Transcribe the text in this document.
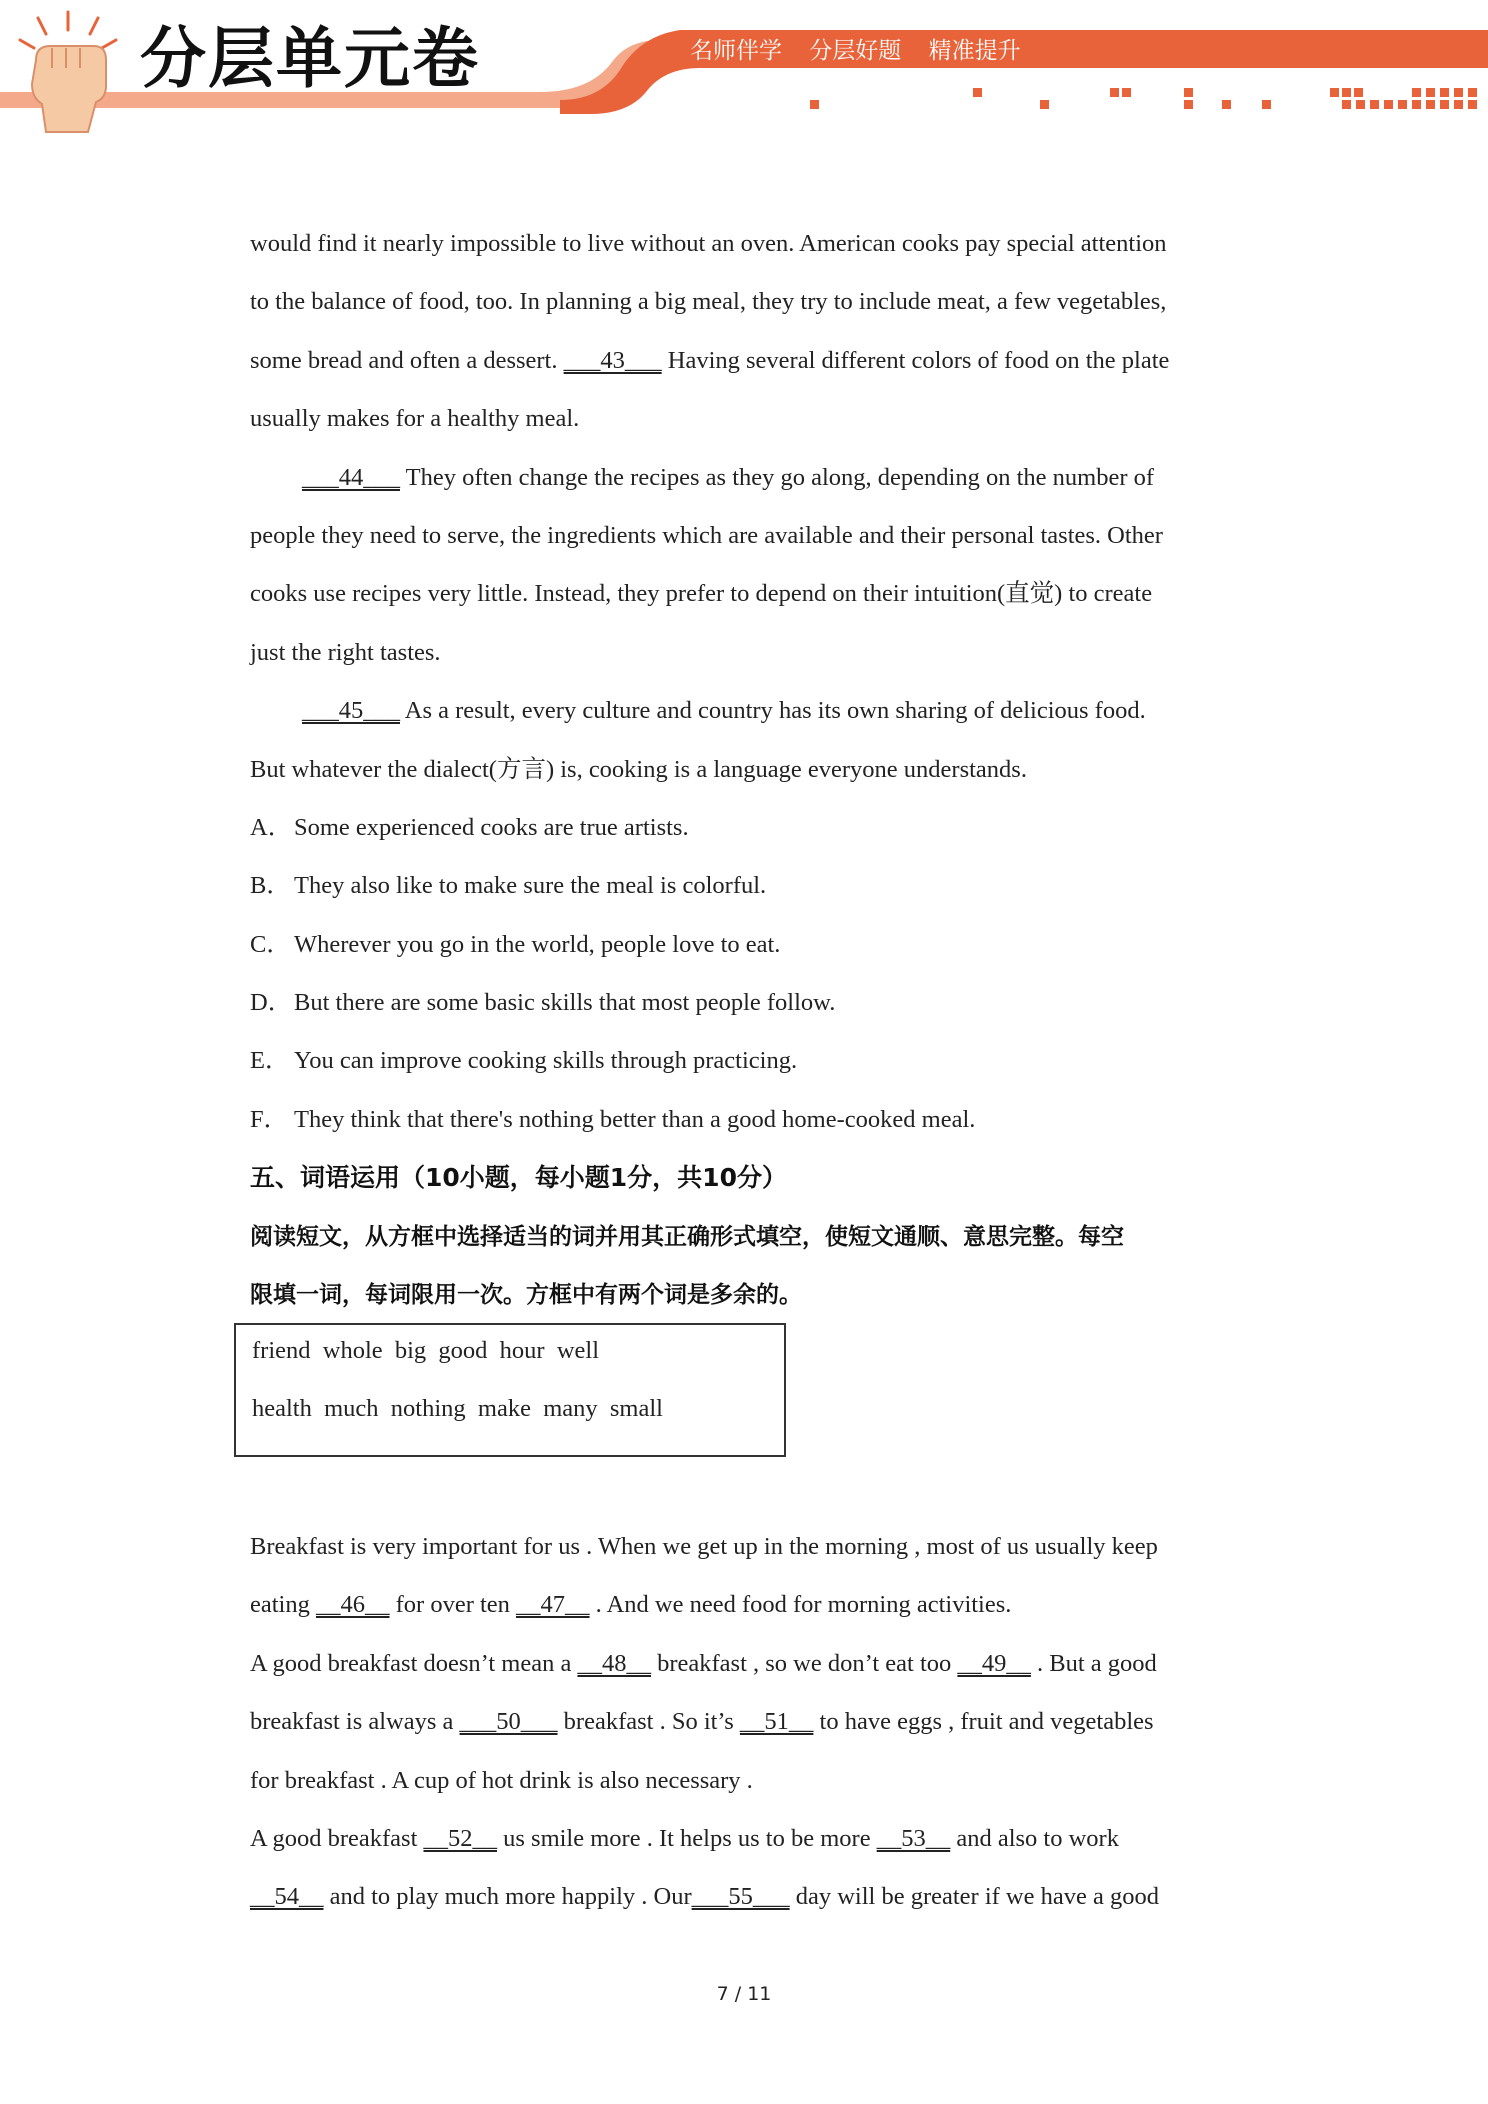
分层单元卷	名师伴学 分层好题 精准提升
would find it nearly impossible to live without an oven. American cooks pay special attention
to the balance of food, too. In planning a big meal, they try to include meat, a few vegetables,
some bread and often a dessert. ___43___ Having several different colors of food on the plate
usually makes for a healthy meal.
___44___ They often change the recipes as they go along, depending on the number of
people they need to serve, the ingredients which are available and their personal tastes. Other
cooks use recipes very little. Instead, they prefer to depend on their intuition(直觉) to create
just the right tastes.
___45___ As a result, every culture and country has its own sharing of delicious food.
But whatever the dialect(方言) is, cooking is a language everyone understands.
A．Some experienced cooks are true artists.
B． They also like to make sure the meal is colorful.
C． Wherever you go in the world, people love to eat.
D．But there are some basic skills that most people follow.
E． You can improve cooking skills through practicing.
F． They think that there's nothing better than a good home-cooked meal.
五、词语运用（10小题，每小题1分，共10分）
阅读短文，从方框中选择适当的词并用其正确形式填空，使短文通顺、意思完整。每空
限填一词，每词限用一次。方框中有两个词是多余的。
friend  whole  big  good  hour  well
health  much  nothing  make  many  small
Breakfast is very important for us . When we get up in the morning , most of us usually keep
eating __46__ for over ten __47__ . And we need food for morning activities.
A good breakfast doesn’t mean a __48__ breakfast , so we don’t eat too __49__ . But a good
breakfast is always a ___50___ breakfast . So it’s __51__ to have eggs , fruit and vegetables
for breakfast . A cup of hot drink is also necessary .
A good breakfast __52__ us smile more . It helps us to be more __53__ and also to work
__54__ and to play much more happily . Our___55___ day will be greater if we have a good
7 / 11
